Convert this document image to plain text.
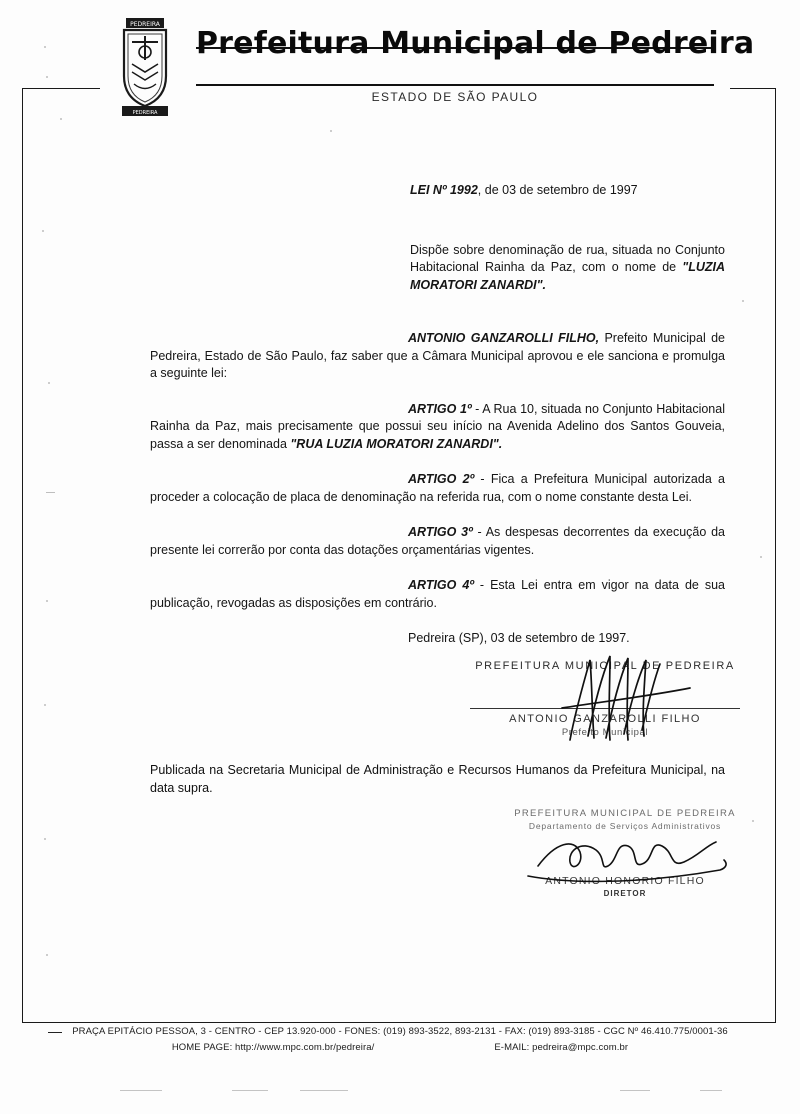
PEDREIRA
PEDREIRA
Prefeitura Municipal de Pedreira
ESTADO DE SÃO PAULO
LEI Nº 1992, de 03 de setembro de 1997
Dispõe sobre denominação de rua, situada no Conjunto Habitacional Rainha da Paz, com o nome de "LUZIA MORATORI ZANARDI".

ANTONIO GANZAROLLI FILHO, Prefeito Municipal de Pedreira, Estado de São Paulo, faz saber que a Câmara Municipal aprovou e ele sanciona e promulga a seguinte lei:

ARTIGO 1º - A Rua 10, situada no Conjunto Habitacional Rainha da Paz, mais precisamente que possui seu início na Avenida Adelino dos Santos Gouveia, passa a ser denominada "RUA LUZIA MORATORI ZANARDI".

ARTIGO 2º - Fica a Prefeitura Municipal autorizada a proceder a colocação de placa de denominação na referida rua, com o nome constante desta Lei.

ARTIGO 3º - As despesas decorrentes da execução da presente lei correrão por conta das dotações orçamentárias vigentes.

ARTIGO 4º - Esta Lei entra em vigor na data de sua publicação, revogadas as disposições em contrário.

Pedreira (SP), 03 de setembro de 1997.
PREFEITURA MUNICIPAL DE PEDREIRA
ANTONIO GANZAROLLI FILHO
Prefeito Municipal
Publicada na Secretaria Municipal de Administração e Recursos Humanos da Prefeitura Municipal, na data supra.
PREFEITURA MUNICIPAL DE PEDREIRA
Departamento de Serviços Administrativos
ANTONIO HONORIO FILHO
DIRETOR
PRAÇA EPITÁCIO PESSOA, 3 - CENTRO - CEP 13.920-000 - FONES: (019) 893-3522, 893-2131 - FAX: (019) 893-3185 - CGC Nº 46.410.775/0001-36
HOME PAGE: http://www.mpc.com.br/pedreira/	E-MAIL: pedreira@mpc.com.br
